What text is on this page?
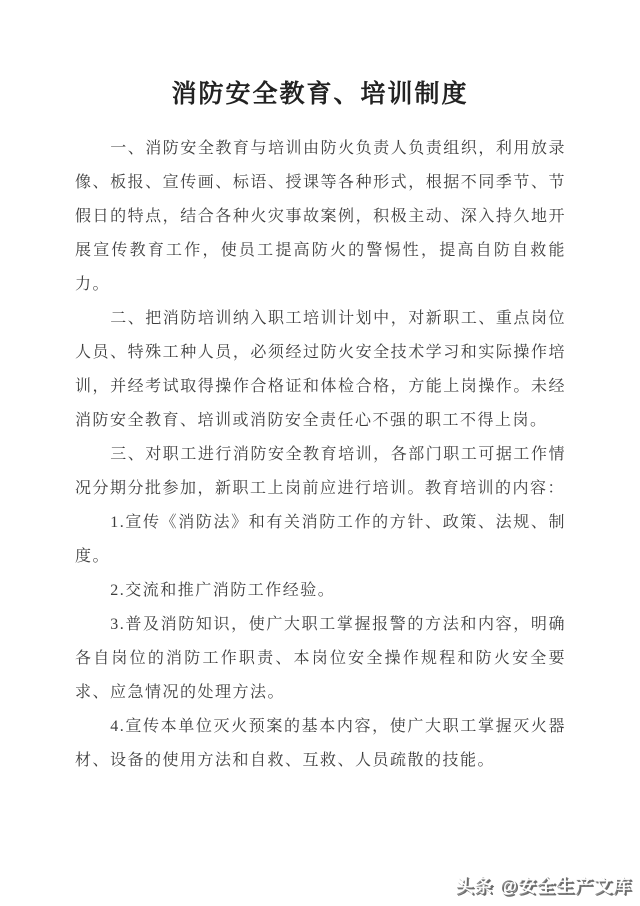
消防安全教育、培训制度

一、消防安全教育与培训由防火负责人负责组织，利用放录像、板报、宣传画、标语、授课等各种形式，根据不同季节、节假日的特点，结合各种火灾事故案例，积极主动、深入持久地开展宣传教育工作，使员工提高防火的警惕性，提高自防自救能力。

二、把消防培训纳入职工培训计划中，对新职工、重点岗位人员、特殊工种人员，必须经过防火安全技术学习和实际操作培训，并经考试取得操作合格证和体检合格，方能上岗操作。未经消防安全教育、培训或消防安全责任心不强的职工不得上岗。

三、对职工进行消防安全教育培训，各部门职工可据工作情况分期分批参加，新职工上岗前应进行培训。教育培训的内容：

1.宣传《消防法》和有关消防工作的方针、政策、法规、制度。

2.交流和推广消防工作经验。

3.普及消防知识，使广大职工掌握报警的方法和内容，明确各自岗位的消防工作职责、本岗位安全操作规程和防火安全要求、应急情况的处理方法。

4.宣传本单位灭火预案的基本内容，使广大职工掌握灭火器材、设备的使用方法和自救、互救、人员疏散的技能。

头条 @安全生产文库
